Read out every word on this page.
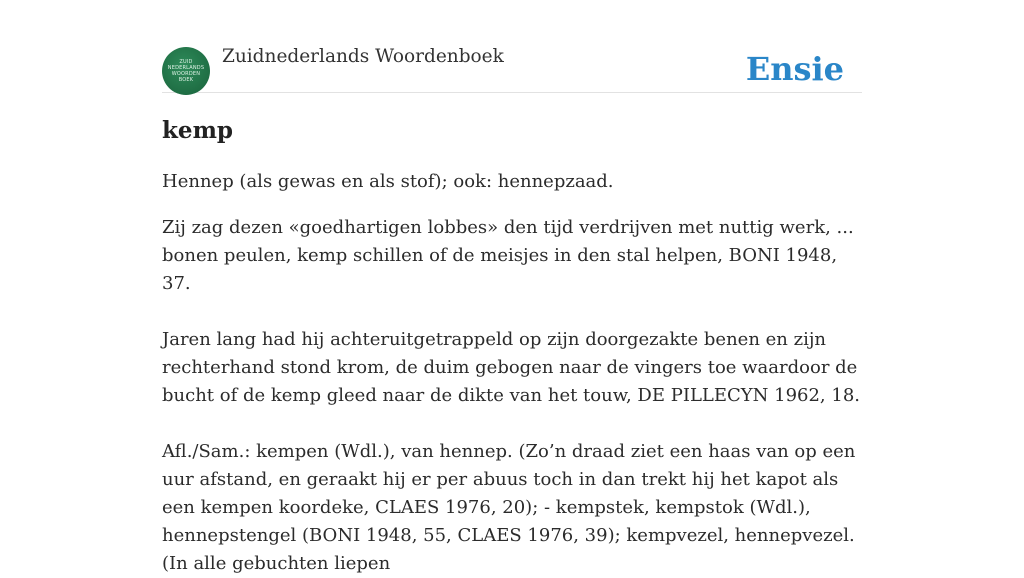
ZUID
NEDERLANDS
WOORDEN
BOEK
Zuidnederlands Woordenboek	Ensie
kemp
Hennep (als gewas en als stof); ook: hennepzaad.
Zij zag dezen «goedhartigen lobbes» den tijd verdrijven met nuttig werk, ... bonen peulen, kemp schillen of de meisjes in den stal helpen, BONI 1948, 37.
Jaren lang had hij achteruitgetrappeld op zijn doorgezakte benen en zijn rechterhand stond krom, de duim gebogen naar de vingers toe waardoor de bucht of de kemp gleed naar de dikte van het touw, DE PILLECYN 1962, 18.
Afl./Sam.: kempen (Wdl.), van hennep. (Zo’n draad ziet een haas van op een uur afstand, en geraakt hij er per abuus toch in dan trekt hij het kapot als een kempen koordeke, CLAES 1976, 20); - kempstek, kempstok (Wdl.), hennepstengel (BONI 1948, 55, CLAES 1976, 39); kempvezel, hennepvezel. (In alle gebuchten liepen
